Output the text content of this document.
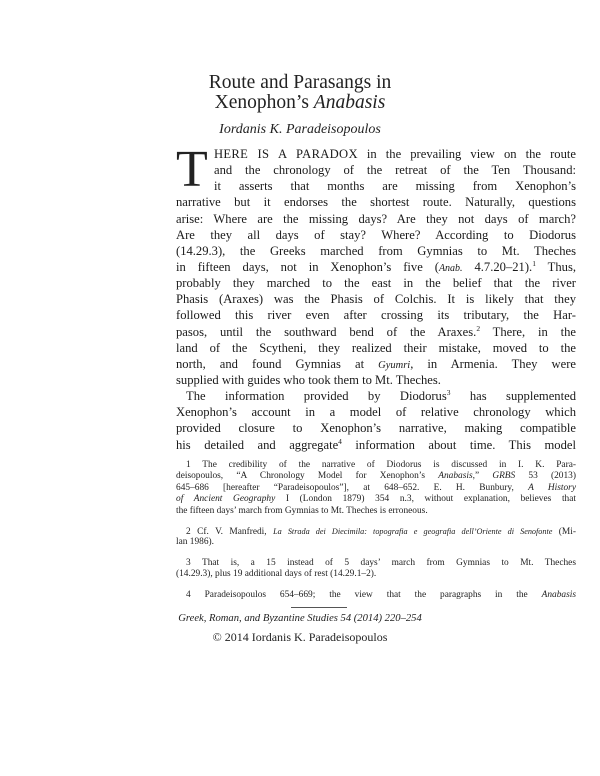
Route and Parasangs in
Xenophon’s Anabasis
Iordanis K. Paradeisopoulos
T HERE IS A PARADOX in the prevailing view on the route
and the chronology of the retreat of the Ten Thousand:
it asserts that months are missing from Xenophon’s
narrative but it endorses the shortest route. Naturally, questions
arise: Where are the missing days? Are they not days of march?
Are they all days of stay? Where? According to Diodorus
(14.29.3), the Greeks marched from Gymnias to Mt. Theches
in fifteen days, not in Xenophon’s five (Anab. 4.7.20–21).$^1$ Thus,
probably they marched to the east in the belief that the river
Phasis (Araxes) was the Phasis of Colchis. It is likely that they
followed this river even after crossing its tributary, the Har-
pasos, until the southward bend of the Araxes.$^2$ There, in the
land of the Scytheni, they realized their mistake, moved to the
north, and found Gymnias at Gyumri, in Armenia. They were
supplied with guides who took them to Mt. Theches.
The information provided by Diodorus$^3$ has supplemented
Xenophon’s account in a model of relative chronology which
provided closure to Xenophon’s narrative, making compatible
his detailed and aggregate$^4$ information about time. This model
1 The credibility of the narrative of Diodorus is discussed in I. K. Para-
deisopoulos, “A Chronology Model for Xenophon’s Anabasis,” GRBS 53 (2013)
645–686 [hereafter “Paradeisopoulos”], at 648–652. E. H. Bunbury, A History
of Ancient Geography I (London 1879) 354 n.3, without explanation, believes that
the fifteen days’ march from Gymnias to Mt. Theches is erroneous.
2 Cf. V. Manfredi, La Strada dei Diecimila: topografia e geografia dell’Oriente di Senofonte (Mi-
lan 1986).
3 That is, a 15 instead of 5 days’ march from Gymnias to Mt. Theches
(14.29.3), plus 19 additional days of rest (14.29.1–2).
4 Paradeisopoulos 654–669; the view that the paragraphs in the Anabasis
Greek, Roman, and Byzantine Studies 54 (2014) 220–254
© 2014 Iordanis K. Paradeisopoulos
